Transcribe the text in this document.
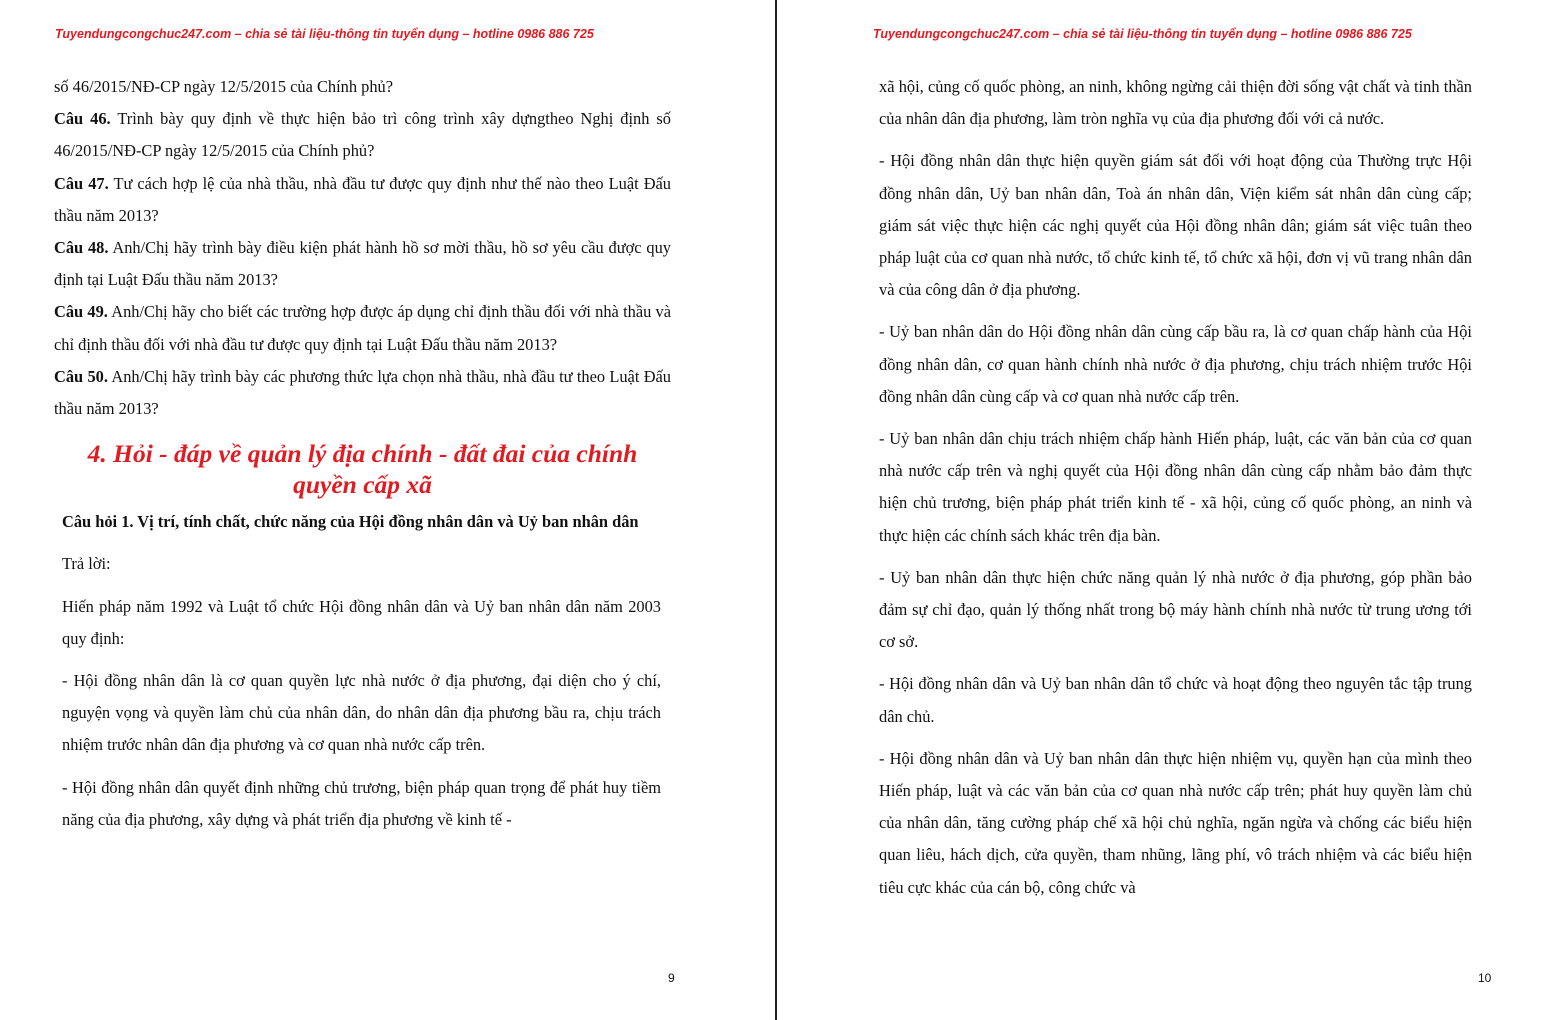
Tuyendungcongchuc247.com – chia sẻ tài liệu-thông tin tuyển dụng – hotline 0986 886 725

số 46/2015/NĐ-CP ngày 12/5/2015 của Chính phủ?

Câu 46. Trình bày quy định về thực hiện bảo trì công trình xây dựngtheo Nghị định số 46/2015/NĐ-CP ngày 12/5/2015 của Chính phủ?

Câu 47. Tư cách hợp lệ của nhà thầu, nhà đầu tư được quy định như thế nào theo Luật Đấu thầu năm 2013?

Câu 48. Anh/Chị hãy trình bày điều kiện phát hành hồ sơ mời thầu, hồ sơ yêu cầu được quy định tại Luật Đấu thầu năm 2013?

Câu 49. Anh/Chị hãy cho biết các trường hợp được áp dụng chỉ định thầu đối với nhà thầu và chỉ định thầu đối với nhà đầu tư được quy định tại Luật Đấu thầu năm 2013?

Câu 50. Anh/Chị hãy trình bày các phương thức lựa chọn nhà thầu, nhà đầu tư theo Luật Đấu thầu năm 2013?

4. Hỏi - đáp về quản lý địa chính - đất đai của chính quyền cấp xã

Câu hỏi 1. Vị trí, tính chất, chức năng của Hội đồng nhân dân và Uỷ ban nhân dân

Trả lời:

Hiến pháp năm 1992 và Luật tổ chức Hội đồng nhân dân và Uỷ ban nhân dân năm 2003 quy định:

- Hội đồng nhân dân là cơ quan quyền lực nhà nước ở địa phương, đại diện cho ý chí, nguyện vọng và quyền làm chủ của nhân dân, do nhân dân địa phương bầu ra, chịu trách nhiệm trước nhân dân địa phương và cơ quan nhà nước cấp trên.

- Hội đồng nhân dân quyết định những chủ trương, biện pháp quan trọng để phát huy tiềm năng của địa phương, xây dựng và phát triển địa phương về kinh tế -

9
Tuyendungcongchuc247.com – chia sẻ tài liệu-thông tin tuyển dụng – hotline 0986 886 725

xã hội, củng cố quốc phòng, an ninh, không ngừng cải thiện đời sống vật chất và tinh thần của nhân dân địa phương, làm tròn nghĩa vụ của địa phương đối với cả nước.

- Hội đồng nhân dân thực hiện quyền giám sát đối với hoạt động của Thường trực Hội đồng nhân dân, Uỷ ban nhân dân, Toà án nhân dân, Viện kiểm sát nhân dân cùng cấp; giám sát việc thực hiện các nghị quyết của Hội đồng nhân dân; giám sát việc tuân theo pháp luật của cơ quan nhà nước, tổ chức kinh tế, tổ chức xã hội, đơn vị vũ trang nhân dân và của công dân ở địa phương.

- Uỷ ban nhân dân do Hội đồng nhân dân cùng cấp bầu ra, là cơ quan chấp hành của Hội đồng nhân dân, cơ quan hành chính nhà nước ở địa phương, chịu trách nhiệm trước Hội đồng nhân dân cùng cấp và cơ quan nhà nước cấp trên.

- Uỷ ban nhân dân chịu trách nhiệm chấp hành Hiến pháp, luật, các văn bản của cơ quan nhà nước cấp trên và nghị quyết của Hội đồng nhân dân cùng cấp nhằm bảo đảm thực hiện chủ trương, biện pháp phát triển kinh tế - xã hội, củng cố quốc phòng, an ninh và thực hiện các chính sách khác trên địa bàn.

- Uỷ ban nhân dân thực hiện chức năng quản lý nhà nước ở địa phương, góp phần bảo đảm sự chỉ đạo, quản lý thống nhất trong bộ máy hành chính nhà nước từ trung ương tới cơ sở.

- Hội đồng nhân dân và Uỷ ban nhân dân tổ chức và hoạt động theo nguyên tắc tập trung dân chủ.

- Hội đồng nhân dân và Uỷ ban nhân dân thực hiện nhiệm vụ, quyền hạn của mình theo Hiến pháp, luật và các văn bản của cơ quan nhà nước cấp trên; phát huy quyền làm chủ của nhân dân, tăng cường pháp chế xã hội chủ nghĩa, ngăn ngừa và chống các biểu hiện quan liêu, hách dịch, cửa quyền, tham nhũng, lãng phí, vô trách nhiệm và các biểu hiện tiêu cực khác của cán bộ, công chức và

10
